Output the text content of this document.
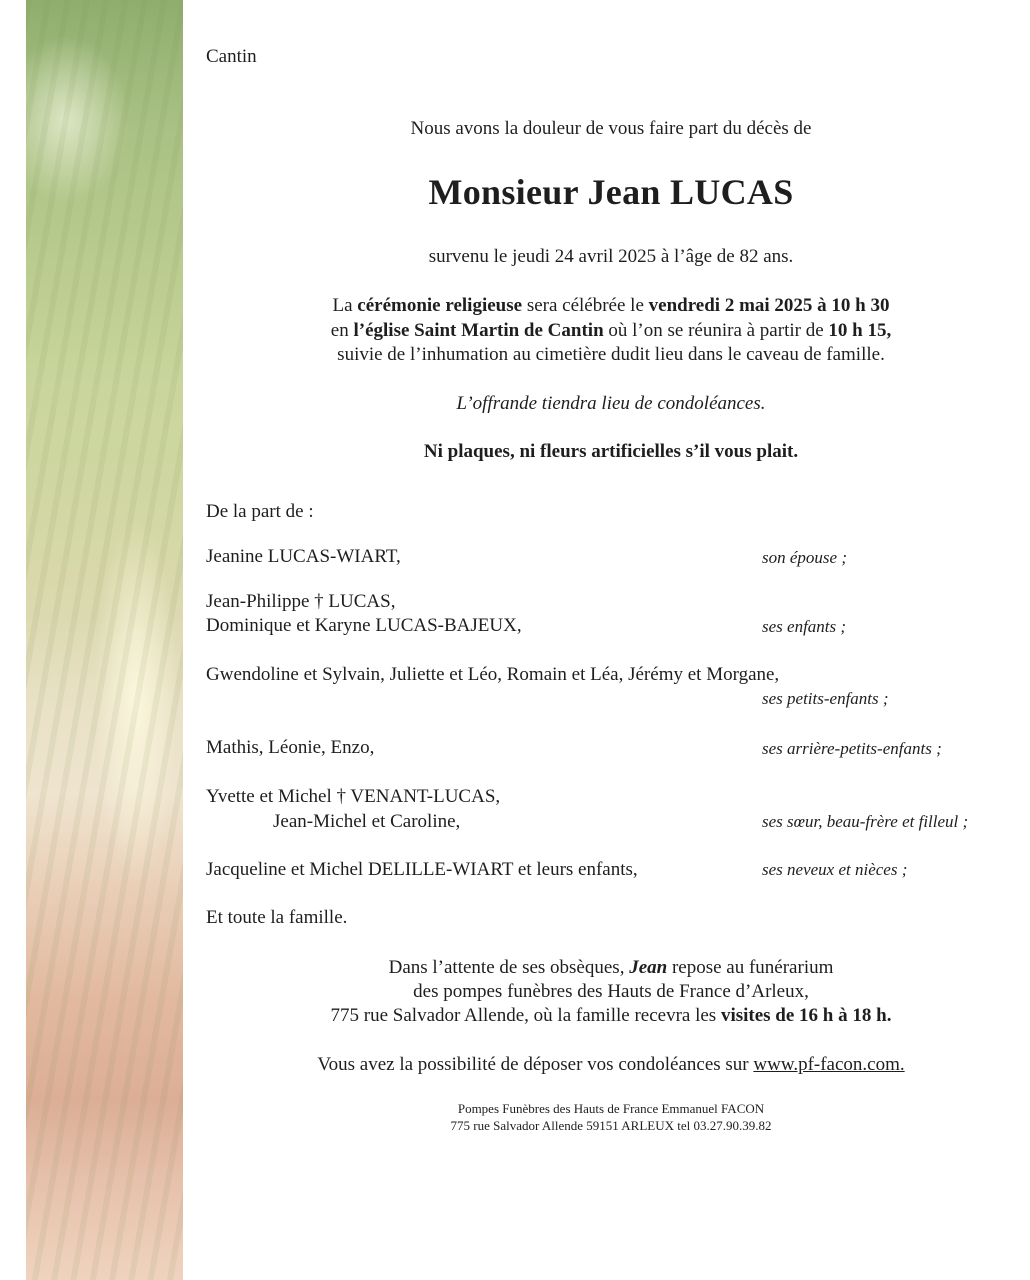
Cantin
Nous avons la douleur de vous faire part du décès de
Monsieur Jean LUCAS
survenu le jeudi 24 avril 2025 à l’âge de 82 ans.
La cérémonie religieuse sera célébrée le vendredi 2 mai 2025 à 10 h 30
en l’église Saint Martin de Cantin où l’on se réunira à partir de 10 h 15,
suivie de l’inhumation au cimetière dudit lieu dans le caveau de famille.
L’offrande tiendra lieu de condoléances.
Ni plaques, ni fleurs artificielles s’il vous plait.
De la part de :
Jeanine LUCAS-WIART,	son épouse ;
Jean-Philippe † LUCAS,
Dominique et Karyne LUCAS-BAJEUX,	ses enfants ;
Gwendoline et Sylvain, Juliette et Léo, Romain et Léa, Jérémy et Morgane,
ses petits-enfants ;
Mathis, Léonie, Enzo,	ses arrière-petits-enfants ;
Yvette et Michel † VENANT-LUCAS,
Jean-Michel et Caroline,	ses sœur, beau-frère et filleul ;
Jacqueline et Michel DELILLE-WIART et leurs enfants,	ses neveux et nièces ;
Et toute la famille.
Dans l’attente de ses obsèques, Jean repose au funérarium
des pompes funèbres des Hauts de France d’Arleux,
775 rue Salvador Allende, où la famille recevra les visites de 16 h à 18 h.
Vous avez la possibilité de déposer vos condoléances sur www.pf-facon.com.
Pompes Funèbres des Hauts de France Emmanuel FACON
775 rue Salvador Allende 59151 ARLEUX tel 03.27.90.39.82
